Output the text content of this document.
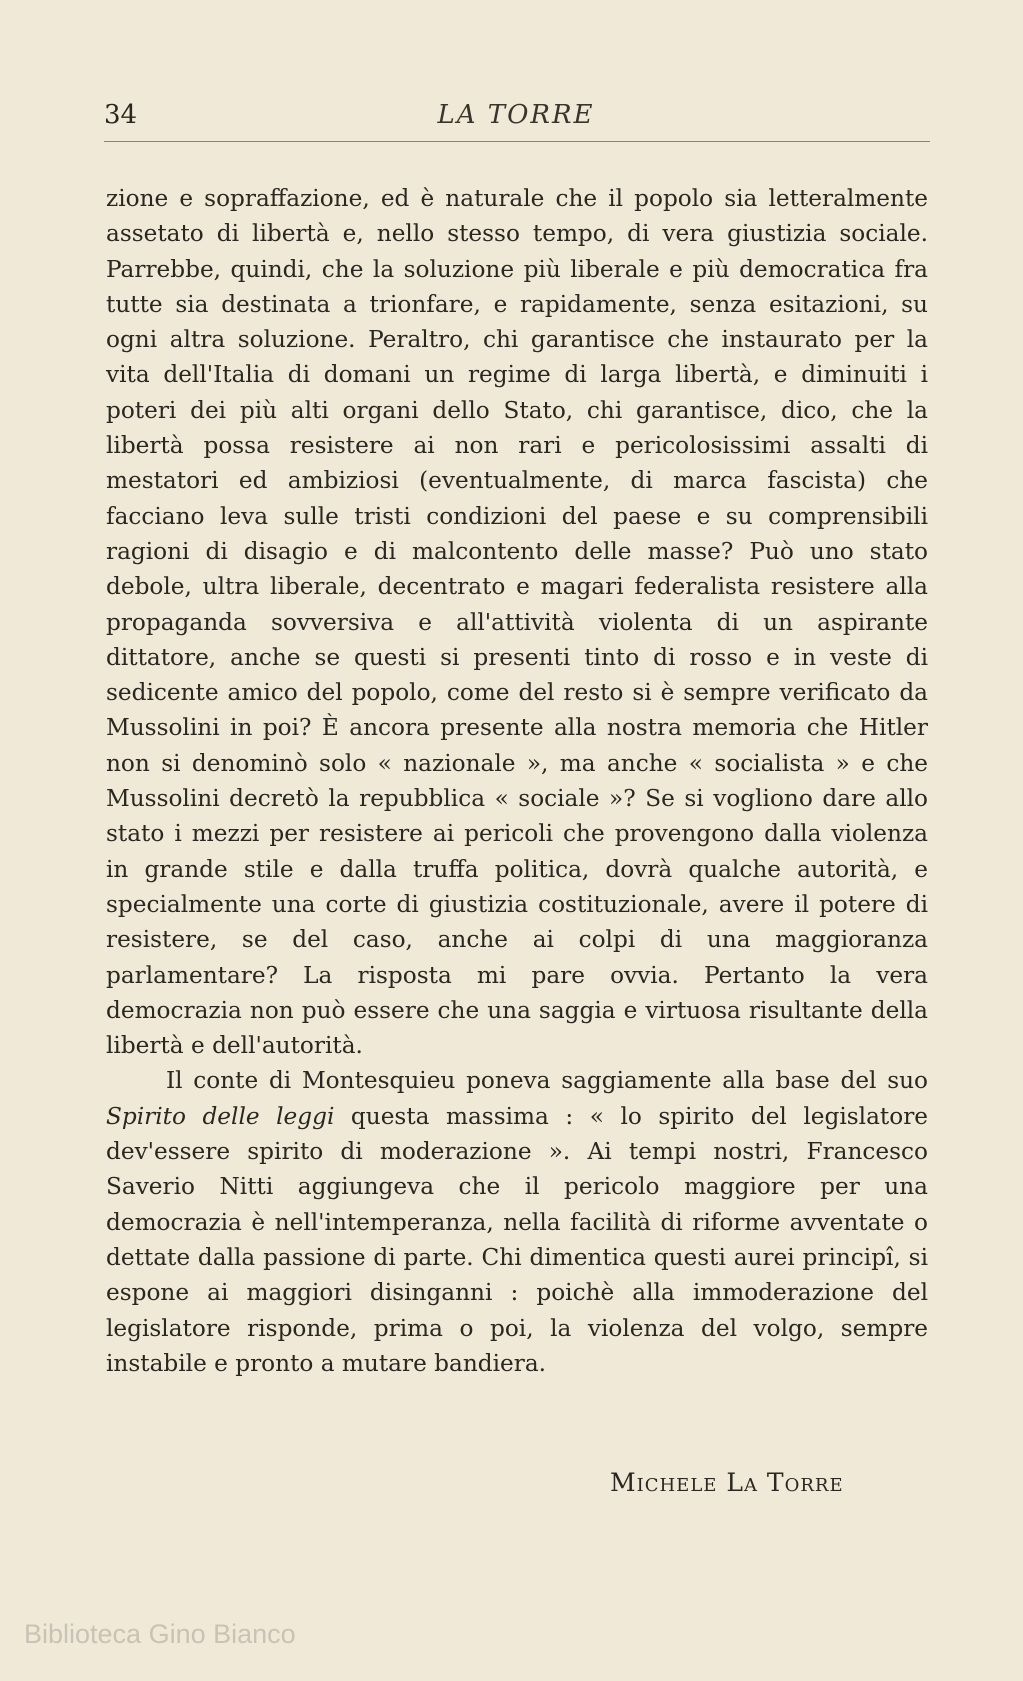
34	LA TORRE

zione e sopraffazione, ed è naturale che il popolo sia letteralmente assetato di libertà e, nello stesso tempo, di vera giustizia sociale. Parrebbe, quindi, che la soluzione più liberale e più democratica fra tutte sia destinata a trionfare, e rapidamente, senza esitazioni, su ogni altra soluzione. Peraltro, chi garantisce che instaurato per la vita dell'Italia di domani un regime di larga libertà, e diminuiti i poteri dei più alti organi dello Stato, chi garantisce, dico, che la libertà possa resistere ai non rari e pericolosissimi assalti di mestatori ed ambiziosi (eventualmente, di marca fascista) che facciano leva sulle tristi condizioni del paese e su comprensibili ragioni di disagio e di malcontento delle masse? Può uno stato debole, ultra liberale, decentrato e magari federalista resistere alla propaganda sovversiva e all'attività violenta di un aspirante dittatore, anche se questi si presenti tinto di rosso e in veste di sedicente amico del popolo, come del resto si è sempre verificato da Mussolini in poi? È ancora presente alla nostra memoria che Hitler non si denominò solo « nazionale », ma anche « socialista » e che Mussolini decretò la repubblica « sociale »? Se si vogliono dare allo stato i mezzi per resistere ai pericoli che provengono dalla violenza in grande stile e dalla truffa politica, dovrà qualche autorità, e specialmente una corte di giustizia costituzionale, avere il potere di resistere, se del caso, anche ai colpi di una maggioranza parlamentare? La risposta mi pare ovvia. Pertanto la vera democrazia non può essere che una saggia e virtuosa risultante della libertà e dell'autorità.

Il conte di Montesquieu poneva saggiamente alla base del suo Spirito delle leggi questa massima : « lo spirito del legislatore dev'essere spirito di moderazione ». Ai tempi nostri, Francesco Saverio Nitti aggiungeva che il pericolo maggiore per una democrazia è nell'intemperanza, nella facilità di riforme avventate o dettate dalla passione di parte. Chi dimentica questi aurei principî, si espone ai maggiori disinganni : poichè alla immoderazione del legislatore risponde, prima o poi, la violenza del volgo, sempre instabile e pronto a mutare bandiera.

Michele La Torre
Biblioteca Gino Bianco
